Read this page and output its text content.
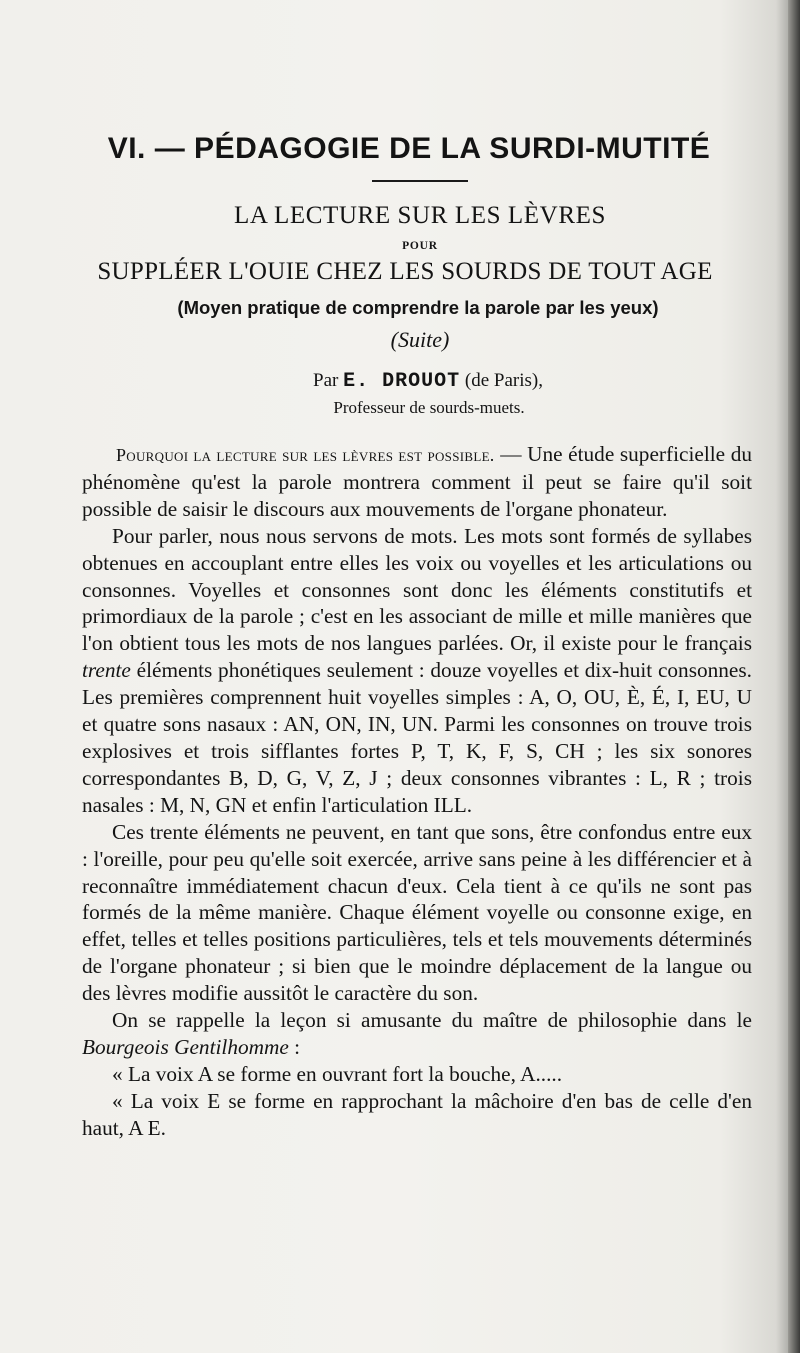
VI. — PÉDAGOGIE DE LA SURDI-MUTITÉ
LA LECTURE SUR LES LÈVRES
POUR
SUPPLÉER L'OUIE CHEZ LES SOURDS DE TOUT AGE
(Moyen pratique de comprendre la parole par les yeux)
(Suite)
Par E. DROUOT (de Paris),
Professeur de sourds-muets.

Pourquoi la lecture sur les lèvres est possible. — Une étude superficielle du phénomène qu'est la parole montrera comment il peut se faire qu'il soit possible de saisir le discours aux mouvements de l'organe phonateur.

Pour parler, nous nous servons de mots. Les mots sont formés de syllabes obtenues en accouplant entre elles les voix ou voyelles et les articulations ou consonnes. Voyelles et consonnes sont donc les éléments constitutifs et primordiaux de la parole ; c'est en les associant de mille et mille manières que l'on obtient tous les mots de nos langues parlées. Or, il existe pour le français trente éléments phonétiques seulement : douze voyelles et dix-huit consonnes. Les premières comprennent huit voyelles simples : A, O, OU, È, É, I, EU, U et quatre sons nasaux : AN, ON, IN, UN. Parmi les consonnes on trouve trois explosives et trois sifflantes fortes P, T, K, F, S, CH ; les six sonores correspondantes B, D, G, V, Z, J ; deux consonnes vibrantes : L, R ; trois nasales : M, N, GN et enfin l'articulation ILL.

Ces trente éléments ne peuvent, en tant que sons, être confondus entre eux : l'oreille, pour peu qu'elle soit exercée, arrive sans peine à les différencier et à reconnaître immédiatement chacun d'eux. Cela tient à ce qu'ils ne sont pas formés de la même manière. Chaque élément voyelle ou consonne exige, en effet, telles et telles positions particulières, tels et tels mouvements déterminés de l'organe phonateur ; si bien que le moindre déplacement de la langue ou des lèvres modifie aussitôt le caractère du son.

On se rappelle la leçon si amusante du maître de philosophie dans le Bourgeois Gentilhomme :

« La voix A se forme en ouvrant fort la bouche, A.....

« La voix E se forme en rapprochant la mâchoire d'en bas de celle d'en haut, A E.
